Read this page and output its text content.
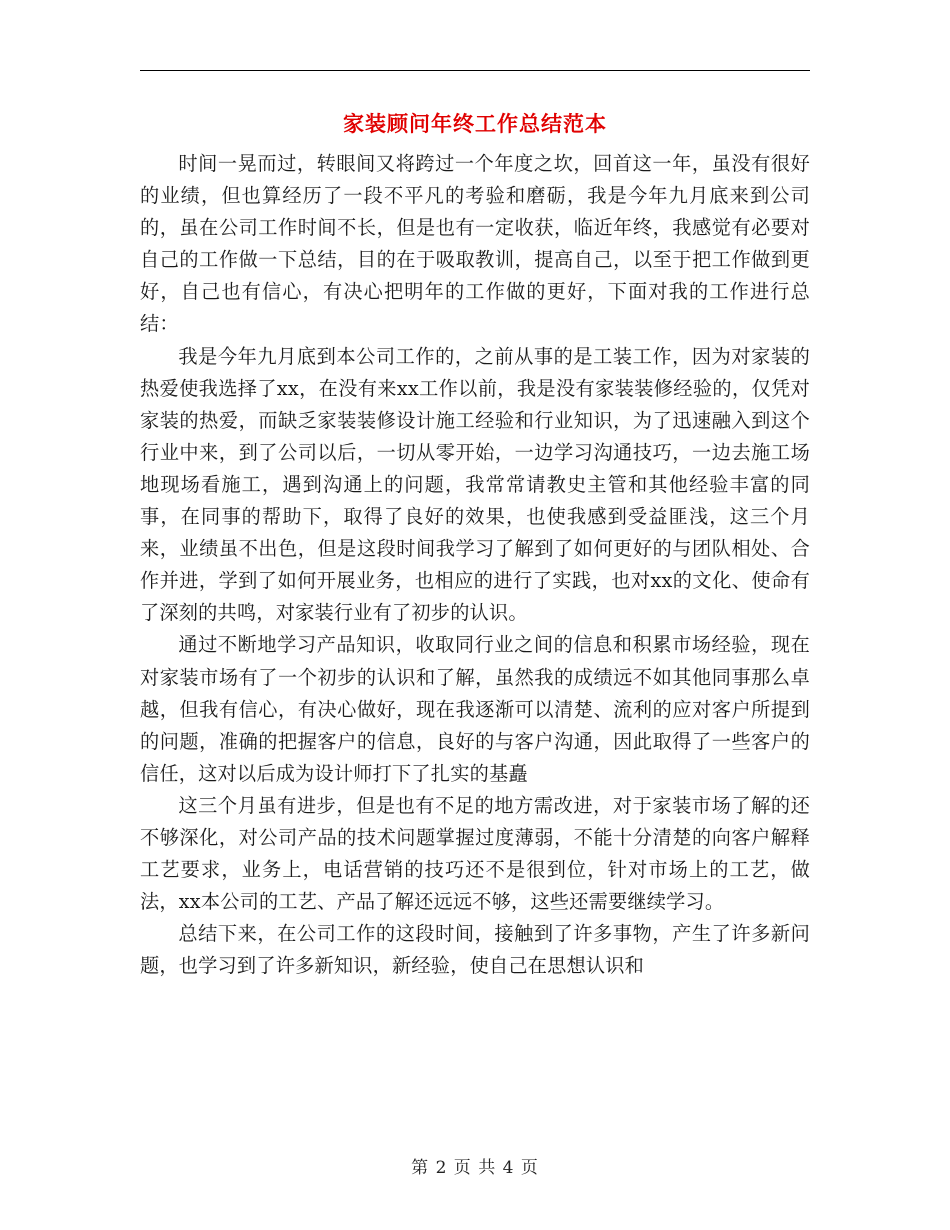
家装顾问年终工作总结范本

时间一晃而过，转眼间又将跨过一个年度之坎，回首这一年，虽没有很好的业绩，但也算经历了一段不平凡的考验和磨砺，我是今年九月底来到公司的，虽在公司工作时间不长，但是也有一定收获，临近年终，我感觉有必要对自己的工作做一下总结，目的在于吸取教训，提高自己，以至于把工作做到更好，自己也有信心，有决心把明年的工作做的更好，下面对我的工作进行总结：

我是今年九月底到本公司工作的，之前从事的是工装工作，因为对家装的热爱使我选择了xx，在没有来xx工作以前，我是没有家装装修经验的，仅凭对家装的热爱，而缺乏家装装修设计施工经验和行业知识，为了迅速融入到这个行业中来，到了公司以后，一切从零开始，一边学习沟通技巧，一边去施工场地现场看施工，遇到沟通上的问题，我常常请教史主管和其他经验丰富的同事，在同事的帮助下，取得了良好的效果，也使我感到受益匪浅，这三个月来，业绩虽不出色，但是这段时间我学习了解到了如何更好的与团队相处、合作并进，学到了如何开展业务，也相应的进行了实践，也对xx的文化、使命有了深刻的共鸣，对家装行业有了初步的认识。

通过不断地学习产品知识，收取同行业之间的信息和积累市场经验，现在对家装市场有了一个初步的认识和了解，虽然我的成绩远不如其他同事那么卓越，但我有信心，有决心做好，现在我逐渐可以清楚、流利的应对客户所提到的问题，准确的把握客户的信息，良好的与客户沟通，因此取得了一些客户的信任，这对以后成为设计师打下了扎实的基矗

这三个月虽有进步，但是也有不足的地方需改进，对于家装市场了解的还不够深化，对公司产品的技术问题掌握过度薄弱，不能十分清楚的向客户解释工艺要求，业务上，电话营销的技巧还不是很到位，针对市场上的工艺，做法，xx本公司的工艺、产品了解还远远不够，这些还需要继续学习。

总结下来，在公司工作的这段时间，接触到了许多事物，产生了许多新问题，也学习到了许多新知识，新经验，使自己在思想认识和

第 2 页 共 4 页
